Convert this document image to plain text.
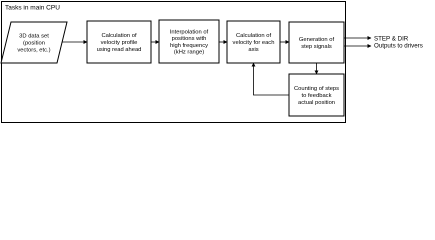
Tasks in main CPU
3D data set (position vectors, etc.)
Calculation of velocity profile using read ahead
Interpolation of positions with high frequency (kHz range)
Calculation of velocity for each axis
Generation of step signals
Counting of steps to feedback actual position
STEP & DIR Outputs to drivers
